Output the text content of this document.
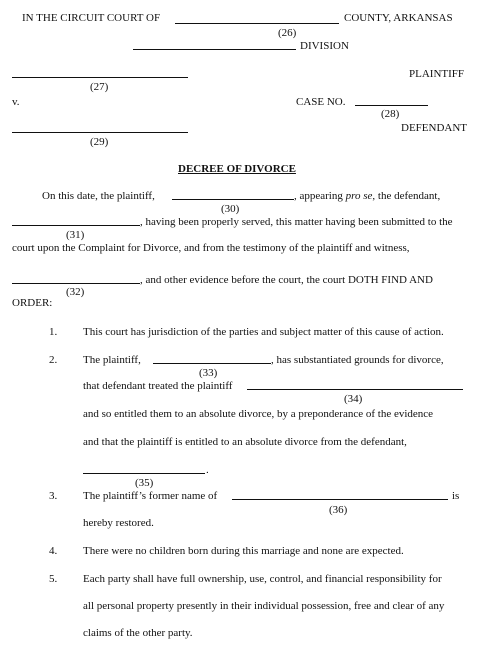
IN THE CIRCUIT COURT OF	COUNTY, ARKANSAS
(26)
DIVISION
PLAINTIFF
(27)
v.	CASE NO.
(28)
DEFENDANT
(29)
DECREE OF DIVORCE
On this date, the plaintiff,	, appearing pro se, the defendant,
(30)
, having been properly served, this matter having been submitted to the
(31)
court upon the Complaint for Divorce, and from the testimony of the plaintiff and witness,
, and other evidence before the court, the court DOTH FIND AND
(32)
ORDER:
1. This court has jurisdiction of the parties and subject matter of this cause of action.
2. The plaintiff,	, has substantiated grounds for divorce,
(33)
that defendant treated the plaintiff
(34)
and so entitled them to an absolute divorce, by a preponderance of the evidence
and that the plaintiff is entitled to an absolute divorce from the defendant,
.
(35)
3. The plaintiff’s former name of	is
(36)
hereby restored.
4. There were no children born during this marriage and none are expected.
5. Each party shall have full ownership, use, control, and financial responsibility for
all personal property presently in their individual possession, free and clear of any
claims of the other party.
